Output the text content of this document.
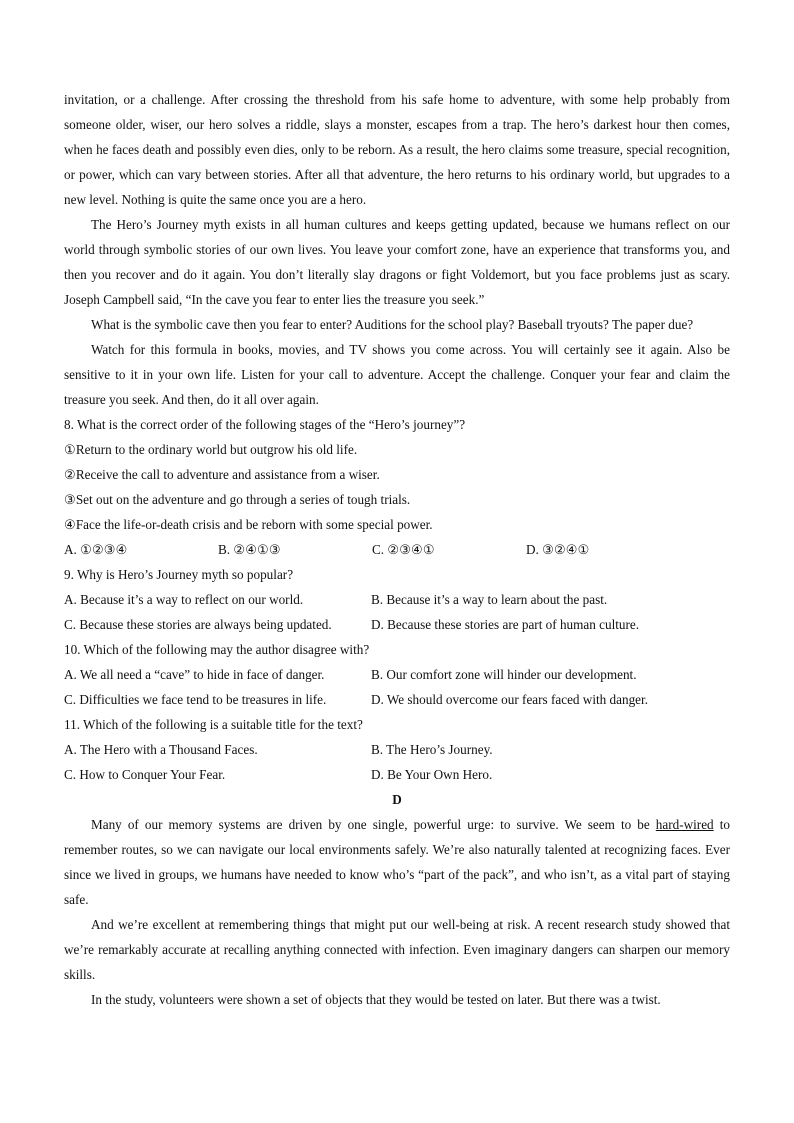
invitation, or a challenge. After crossing the threshold from his safe home to adventure, with some help probably from someone older, wiser, our hero solves a riddle, slays a monster, escapes from a trap. The hero’s darkest hour then comes, when he faces death and possibly even dies, only to be reborn. As a result, the hero claims some treasure, special recognition, or power, which can vary between stories. After all that adventure, the hero returns to his ordinary world, but upgrades to a new level. Nothing is quite the same once you are a hero.

The Hero’s Journey myth exists in all human cultures and keeps getting updated, because we humans reflect on our world through symbolic stories of our own lives. You leave your comfort zone, have an experience that transforms you, and then you recover and do it again. You don’t literally slay dragons or fight Voldemort, but you face problems just as scary. Joseph Campbell said, “In the cave you fear to enter lies the treasure you seek.”

What is the symbolic cave then you fear to enter? Auditions for the school play? Baseball tryouts? The paper due?

Watch for this formula in books, movies, and TV shows you come across. You will certainly see it again. Also be sensitive to it in your own life. Listen for your call to adventure. Accept the challenge. Conquer your fear and claim the treasure you seek. And then, do it all over again.

8. What is the correct order of the following stages of the “Hero’s journey”?

①Return to the ordinary world but outgrow his old life.

②Receive the call to adventure and assistance from a wiser.

③Set out on the adventure and go through a series of tough trials.

④Face the life-or-death crisis and be reborn with some special power.

A. ①②③④	B. ②④①③	C. ②③④①	D. ③②④①

9. Why is Hero’s Journey myth so popular?

A. Because it’s a way to reflect on our world.	B. Because it’s a way to learn about the past.
C. Because these stories are always being updated.	D. Because these stories are part of human culture.

10. Which of the following may the author disagree with?

A. We all need a “cave” to hide in face of danger.	B. Our comfort zone will hinder our development.
C. Difficulties we face tend to be treasures in life.	D. We should overcome our fears faced with danger.

11. Which of the following is a suitable title for the text?

A. The Hero with a Thousand Faces.	B. The Hero’s Journey.
C. How to Conquer Your Fear.	D. Be Your Own Hero.

D

Many of our memory systems are driven by one single, powerful urge: to survive. We seem to be hard-wired to remember routes, so we can navigate our local environments safely. We’re also naturally talented at recognizing faces. Ever since we lived in groups, we humans have needed to know who’s “part of the pack”, and who isn’t, as a vital part of staying safe.

And we’re excellent at remembering things that might put our well-being at risk. A recent research study showed that we’re remarkably accurate at recalling anything connected with infection. Even imaginary dangers can sharpen our memory skills.

In the study, volunteers were shown a set of objects that they would be tested on later. But there was a twist.
